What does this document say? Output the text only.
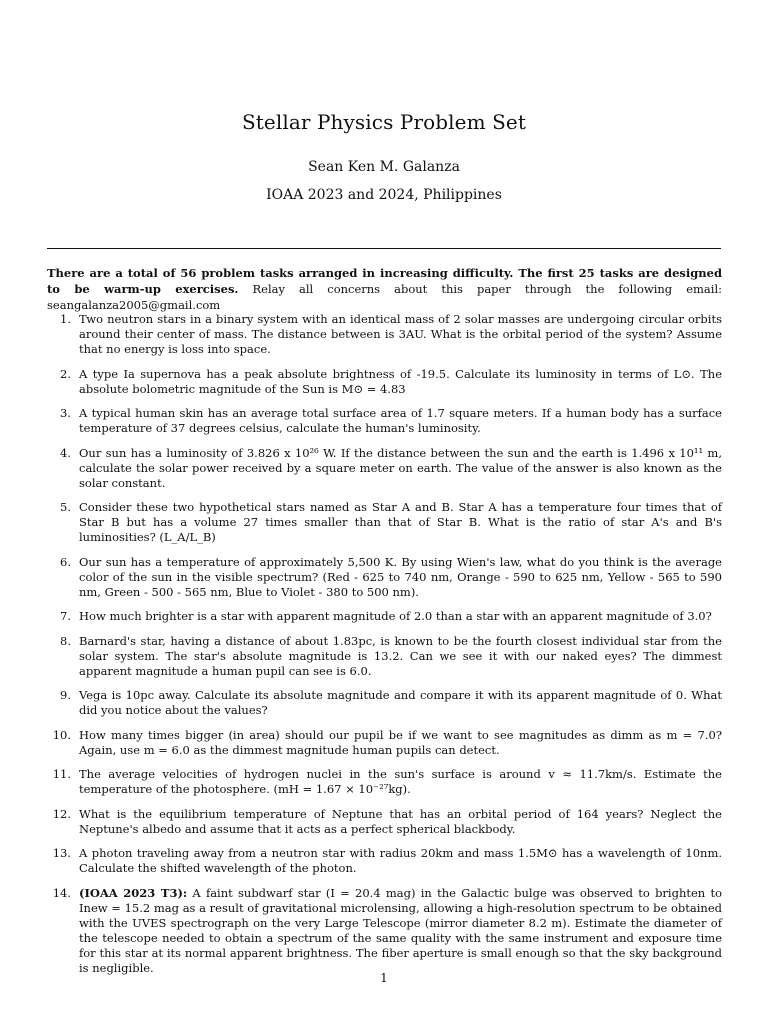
Stellar Physics Problem Set
Sean Ken M. Galanza
IOAA 2023 and 2024, Philippines
There are a total of 56 problem tasks arranged in increasing difficulty. The first 25 tasks are designed to be warm-up exercises. Relay all concerns about this paper through the following email: seangalanza2005@gmail.com
1. Two neutron stars in a binary system with an identical mass of 2 solar masses are undergoing circular orbits around their center of mass. The distance between is 3AU. What is the orbital period of the system? Assume that no energy is loss into space.
2. A type Ia supernova has a peak absolute brightness of -19.5. Calculate its luminosity in terms of L⊙. The absolute bolometric magnitude of the Sun is M⊙ = 4.83
3. A typical human skin has an average total surface area of 1.7 square meters. If a human body has a surface temperature of 37 degrees celsius, calculate the human's luminosity.
4. Our sun has a luminosity of 3.826 x 10²⁶ W. If the distance between the sun and the earth is 1.496 x 10¹¹ m, calculate the solar power received by a square meter on earth. The value of the answer is also known as the solar constant.
5. Consider these two hypothetical stars named as Star A and B. Star A has a temperature four times that of Star B but has a volume 27 times smaller than that of Star B. What is the ratio of star A's and B's luminosities? (L_A/L_B)
6. Our sun has a temperature of approximately 5,500 K. By using Wien's law, what do you think is the average color of the sun in the visible spectrum? (Red - 625 to 740 nm, Orange - 590 to 625 nm, Yellow - 565 to 590 nm, Green - 500 - 565 nm, Blue to Violet - 380 to 500 nm).
7. How much brighter is a star with apparent magnitude of 2.0 than a star with an apparent magnitude of 3.0?
8. Barnard's star, having a distance of about 1.83pc, is known to be the fourth closest individual star from the solar system. The star's absolute magnitude is 13.2. Can we see it with our naked eyes? The dimmest apparent magnitude a human pupil can see is 6.0.
9. Vega is 10pc away. Calculate its absolute magnitude and compare it with its apparent magnitude of 0. What did you notice about the values?
10. How many times bigger (in area) should our pupil be if we want to see magnitudes as dimm as m = 7.0? Again, use m = 6.0 as the dimmest magnitude human pupils can detect.
11. The average velocities of hydrogen nuclei in the sun's surface is around v ≈ 11.7km/s. Estimate the temperature of the photosphere. (mH = 1.67 × 10⁻²⁷kg).
12. What is the equilibrium temperature of Neptune that has an orbital period of 164 years? Neglect the Neptune's albedo and assume that it acts as a perfect spherical blackbody.
13. A photon traveling away from a neutron star with radius 20km and mass 1.5M⊙ has a wavelength of 10nm. Calculate the shifted wavelength of the photon.
14. (IOAA 2023 T3): A faint subdwarf star (I = 20.4 mag) in the Galactic bulge was observed to brighten to Inew = 15.2 mag as a result of gravitational microlensing, allowing a high-resolution spectrum to be obtained with the UVES spectrograph on the very Large Telescope (mirror diameter 8.2 m). Estimate the diameter of the telescope needed to obtain a spectrum of the same quality with the same instrument and exposure time for this star at its normal apparent brightness. The fiber aperture is small enough so that the sky background is negligible.
1
